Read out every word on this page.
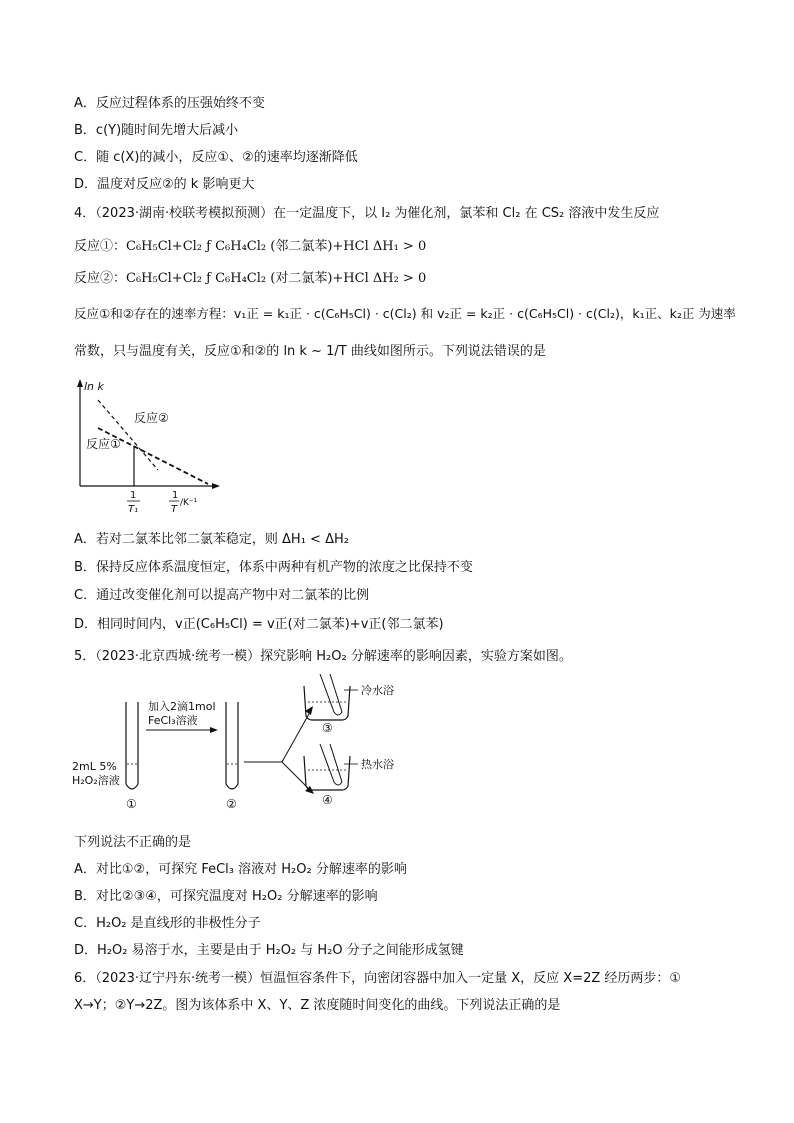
A．反应过程体系的压强始终不变
B．c(Y)随时间先增大后减小
C．随 c(X)的减小，反应①、②的速率均逐渐降低
D．温度对反应②的 k 影响更大
4．（2023·湖南·校联考模拟预测）在一定温度下，以 I₂ 为催化剂，氯苯和 Cl₂ 在 CS₂ 溶液中发生反应
反应①：C₆H₅Cl+Cl₂ ƒ C₆H₄Cl₂ (邻二氯苯)+HCl ΔH₁ > 0
反应②：C₆H₅Cl+Cl₂ ƒ C₆H₄Cl₂ (对二氯苯)+HCl ΔH₂ > 0
反应①和②存在的速率方程：v₁正 = k₁正 · c(C₆H₅Cl) · c(Cl₂) 和 v₂正 = k₂正 · c(C₆H₅Cl) · c(Cl₂)，k₁正、k₂正 为速率
常数，只与温度有关，反应①和②的 ln k ~ 1/T 曲线如图所示。下列说法错误的是
ln k
反应②
反应①
1
T₁
1
T
/K⁻¹
A．若对二氯苯比邻二氯苯稳定，则 ΔH₁ < ΔH₂
B．保持反应体系温度恒定，体系中两种有机产物的浓度之比保持不变
C．通过改变催化剂可以提高产物中对二氯苯的比例
D．相同时间内，v正(C₆H₅Cl) = v正(对二氯苯)+v正(邻二氯苯)
5．（2023·北京西城·统考一模）探究影响 H₂O₂ 分解速率的影响因素，实验方案如图。
2mL 5%
H₂O₂溶液
①
加入2滴1mol
FeCl₃溶液
②
冷水浴
③
热水浴
④
下列说法不正确的是
A．对比①②，可探究 FeCl₃ 溶液对 H₂O₂ 分解速率的影响
B．对比②③④，可探究温度对 H₂O₂ 分解速率的影响
C．H₂O₂ 是直线形的非极性分子
D．H₂O₂ 易溶于水，主要是由于 H₂O₂ 与 H₂O 分子之间能形成氢键
6．（2023·辽宁丹东·统考一模）恒温恒容条件下，向密闭容器中加入一定量 X，反应 X=2Z 经历两步：①
X→Y；②Y→2Z。图为该体系中 X、Y、Z 浓度随时间变化的曲线。下列说法正确的是
